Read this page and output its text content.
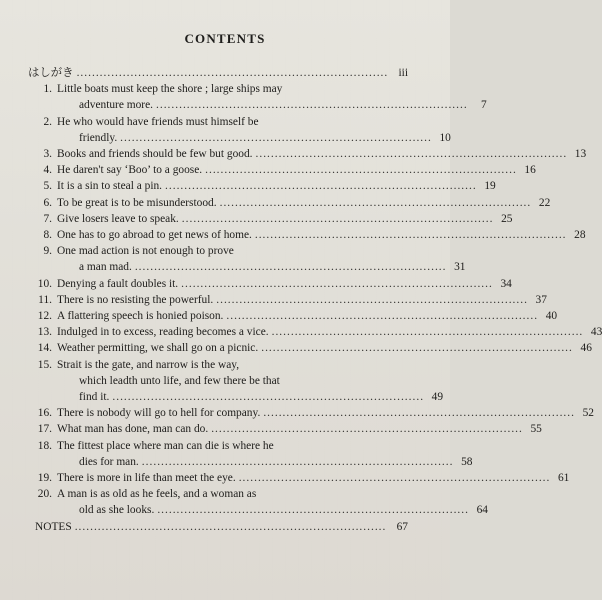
CONTENTS
はしがき ................................................................................. iii
1. Little boats must keep the shore ; large ships may
adventure more. .................................................................................	7
2. He who would have friends must himself be
friendly. ................................................................................. 10
3. Books and friends should be few but good. ................................................................................. 13
4. He daren't say ‘Boo’ to a goose. ................................................................................. 16
5. It is a sin to steal a pin. ................................................................................. 19
6. To be great is to be misunderstood. ................................................................................. 22
7. Give losers leave to speak. ................................................................................. 25
8. One has to go abroad to get news of home. ................................................................................. 28
9. One mad action is not enough to prove
a man mad. ................................................................................. 31
10. Denying a fault doubles it. ................................................................................. 34
11. There is no resisting the powerful. ................................................................................. 37
12. A flattering speech is honied poison. ................................................................................. 40
13. Indulged in to excess, reading becomes a vice. ................................................................................. 43
14. Weather permitting, we shall go on a picnic. ................................................................................. 46
15. Strait is the gate, and narrow is the way,
which leadth unto life, and few there be that
find it. ................................................................................. 49
16. There is nobody will go to hell for company. ................................................................................. 52
17. What man has done, man can do. ................................................................................. 55
18. The fittest place where man can die is where he
dies for man. ................................................................................. 58
19. There is more in life than meet the eye. ................................................................................. 61
20. A man is as old as he feels, and a woman as
old as she looks. ................................................................................. 64
NOTES ................................................................................. 67
